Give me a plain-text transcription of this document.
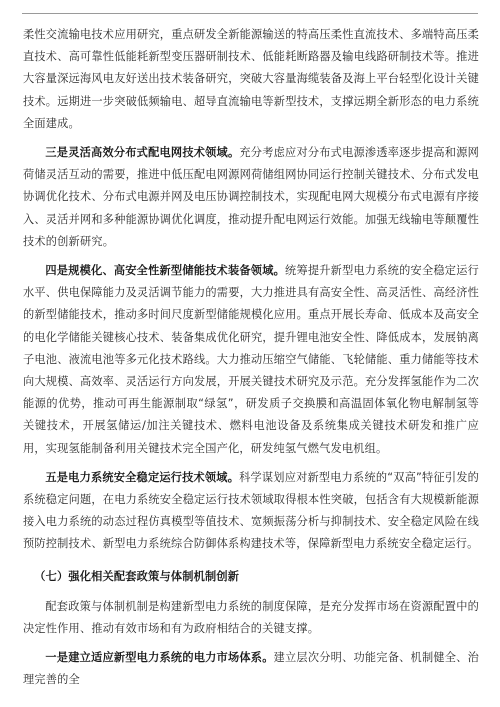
柔性交流输电技术应用研究，重点研发全新能源输送的特高压柔性直流技术、多端特高压柔直技术、高可靠性低能耗新型变压器研制技术、低能耗断路器及输电线路研制技术等。推进大容量深远海风电友好送出技术装备研究，突破大容量海缆装备及海上平台轻型化设计关键技术。远期进一步突破低频输电、超导直流输电等新型技术，支撑远期全新形态的电力系统全面建成。

三是灵活高效分布式配电网技术领域。充分考虑应对分布式电源渗透率逐步提高和源网荷储灵活互动的需要，推进中低压配电网源网荷储组网协同运行控制关键技术、分布式发电协调优化技术、分布式电源并网及电压协调控制技术，实现配电网大规模分布式电源有序接入、灵活并网和多种能源协调优化调度，推动提升配电网运行效能。加强无线输电等颠覆性技术的创新研究。

四是规模化、高安全性新型储能技术装备领域。统筹提升新型电力系统的安全稳定运行水平、供电保障能力及灵活调节能力的需要，大力推进具有高安全性、高灵活性、高经济性的新型储能技术，推动多时间尺度新型储能规模化应用。重点开展长寿命、低成本及高安全的电化学储能关键核心技术、装备集成优化研究，提升锂电池安全性、降低成本，发展钠离子电池、液流电池等多元化技术路线。大力推动压缩空气储能、飞轮储能、重力储能等技术向大规模、高效率、灵活运行方向发展，开展关键技术研究及示范。充分发挥氢能作为二次能源的优势，推动可再生能源制取“绿氢”，研发质子交换膜和高温固体氧化物电解制氢等关键技术，开展氢储运/加注关键技术、燃料电池设备及系统集成关键技术研发和推广应用，实现氢能制备利用关键技术完全国产化，研发纯氢气燃气发电机组。

五是电力系统安全稳定运行技术领域。科学谋划应对新型电力系统的“双高”特征引发的系统稳定问题，在电力系统安全稳定运行技术领域取得根本性突破，包括含有大规模新能源接入电力系统的动态过程仿真模型等值技术、宽频振荡分析与抑制技术、安全稳定风险在线预防控制技术、新型电力系统综合防御体系构建技术等，保障新型电力系统安全稳定运行。

（七）强化相关配套政策与体制机制创新

配套政策与体制机制是构建新型电力系统的制度保障，是充分发挥市场在资源配置中的决定性作用、推动有效市场和有为政府相结合的关键支撑。

一是建立适应新型电力系统的电力市场体系。建立层次分明、功能完备、机制健全、治理完善的全
